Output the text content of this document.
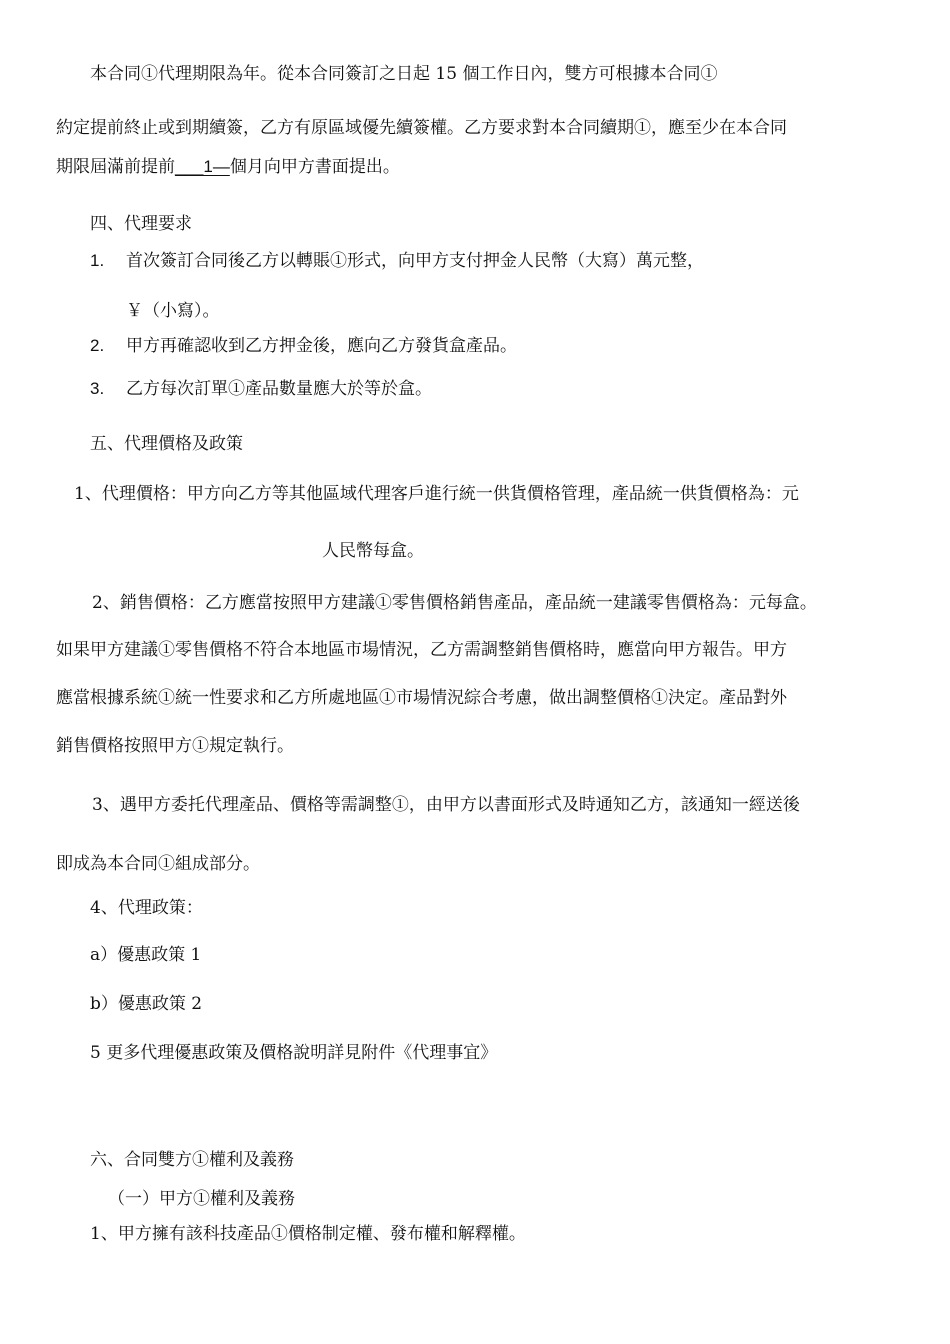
本合同①代理期限為年。從本合同簽訂之日起 15 個工作日內，雙方可根據本合同①
約定提前終止或到期續簽，乙方有原區域優先續簽權。乙方要求對本合同續期①，應至少在本合同
期限屆滿前提前___1—個月向甲方書面提出。
四、代理要求
1. 首次簽訂合同後乙方以轉賬①形式，向甲方支付押金人民幣（大寫）萬元整，
￥（小寫）。
2. 甲方再確認收到乙方押金後，應向乙方發貨盒產品。
3. 乙方每次訂單①產品數量應大於等於盒。
五、代理價格及政策
1、代理價格：甲方向乙方等其他區域代理客戶進行統一供貨價格管理，產品統一供貨價格為：元
人民幣每盒。
2、銷售價格：乙方應當按照甲方建議①零售價格銷售產品，產品統一建議零售價格為：元每盒。
如果甲方建議①零售價格不符合本地區市場情況，乙方需調整銷售價格時，應當向甲方報告。甲方
應當根據系統①統一性要求和乙方所處地區①市場情況綜合考慮，做出調整價格①決定。產品對外
銷售價格按照甲方①規定執行。
3、遇甲方委托代理產品、價格等需調整①，由甲方以書面形式及時通知乙方，該通知一經送後
即成為本合同①組成部分。
4、代理政策：
a）優惠政策 1
b）優惠政策 2
5 更多代理優惠政策及價格說明詳見附件《代理事宜》
六、合同雙方①權利及義務
（一）甲方①權利及義務
1、甲方擁有該科技產品①價格制定權、發布權和解釋權。
